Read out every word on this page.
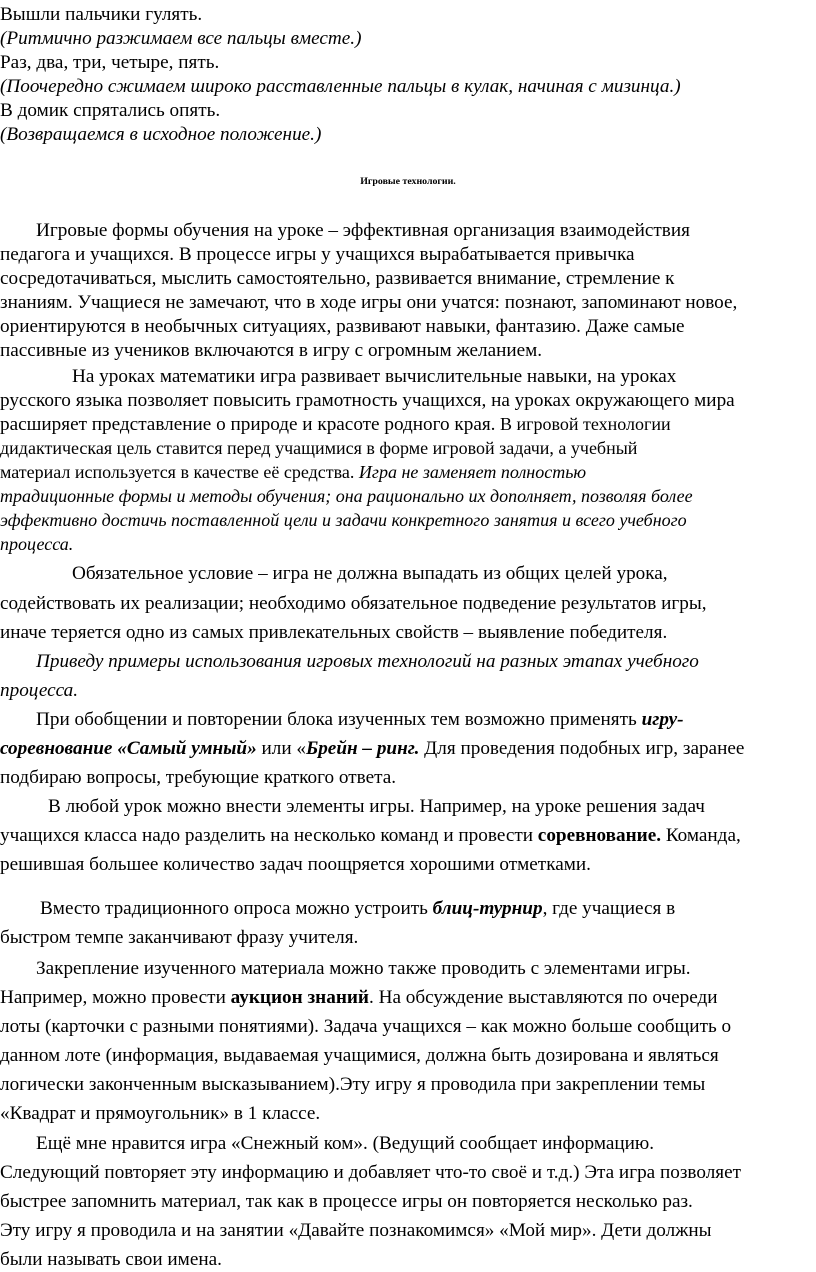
Вышли пальчики гулять.
(Ритмично разжимаем все пальцы вместе.)
Раз, два, три, четыре, пять.
(Поочередно сжимаем широко расставленные пальцы в кулак, начиная с мизинца.)
В домик спрятались опять.
(Возвращаемся в исходное положение.)
Игровые технологии.
Игровые формы обучения на уроке – эффективная организация взаимодействия
педагога и учащихся. В процессе игры у учащихся вырабатывается привычка
сосредотачиваться, мыслить самостоятельно, развивается внимание, стремление к
знаниям. Учащиеся не замечают, что в ходе игры они учатся: познают, запоминают новое,
ориентируются в необычных ситуациях, развивают навыки, фантазию. Даже самые
пассивные из учеников включаются в игру с огромным желанием.
На уроках математики игра развивает вычислительные навыки, на уроках
русского языка позволяет повысить грамотность учащихся, на уроках окружающего мира
расширяет представление о природе и красоте родного края. В игровой технологии
дидактическая цель ставится перед учащимися в форме игровой задачи, а учебный
материал используется в качестве её средства. Игра не заменяет полностью
традиционные формы и методы обучения; она рационально их дополняет, позволяя более
эффективно достичь поставленной цели и задачи конкретного занятия и всего учебного
процесса.
Обязательное условие – игра не должна выпадать из общих целей урока,
содействовать их реализации; необходимо обязательное подведение результатов игры,
иначе теряется одно из самых привлекательных свойств – выявление победителя.
Приведу примеры использования игровых технологий на разных этапах учебного
процесса.
При обобщении и повторении блока изученных тем возможно применять игру-
соревнование «Самый умный» или «Брейн – ринг. Для проведения подобных игр, заранее
подбираю вопросы, требующие краткого ответа.
В любой урок можно внести элементы игры. Например, на уроке решения задач
учащихся класса надо разделить на несколько команд и провести соревнование. Команда,
решившая большее количество задач поощряется хорошими отметками.
Вместо традиционного опроса можно устроить блиц-турнир, где учащиеся в
быстром темпе заканчивают фразу учителя.
Закрепление изученного материала можно также проводить с элементами игры.
Например, можно провести аукцион знаний. На обсуждение выставляются по очереди
лоты (карточки с разными понятиями). Задача учащихся – как можно больше сообщить о
данном лоте (информация, выдаваемая учащимися, должна быть дозирована и являться
логически законченным высказыванием).Эту игру я проводила при закреплении темы
«Квадрат и прямоугольник» в 1 классе.
Ещё мне нравится игра «Снежный ком». (Ведущий сообщает информацию.
Следующий повторяет эту информацию и добавляет что-то своё и т.д.) Эта игра позволяет
быстрее запомнить материал, так как в процессе игры он повторяется несколько раз.
Эту игру я проводила и на занятии «Давайте познакомимся» «Мой мир». Дети должны
были называть свои имена.
